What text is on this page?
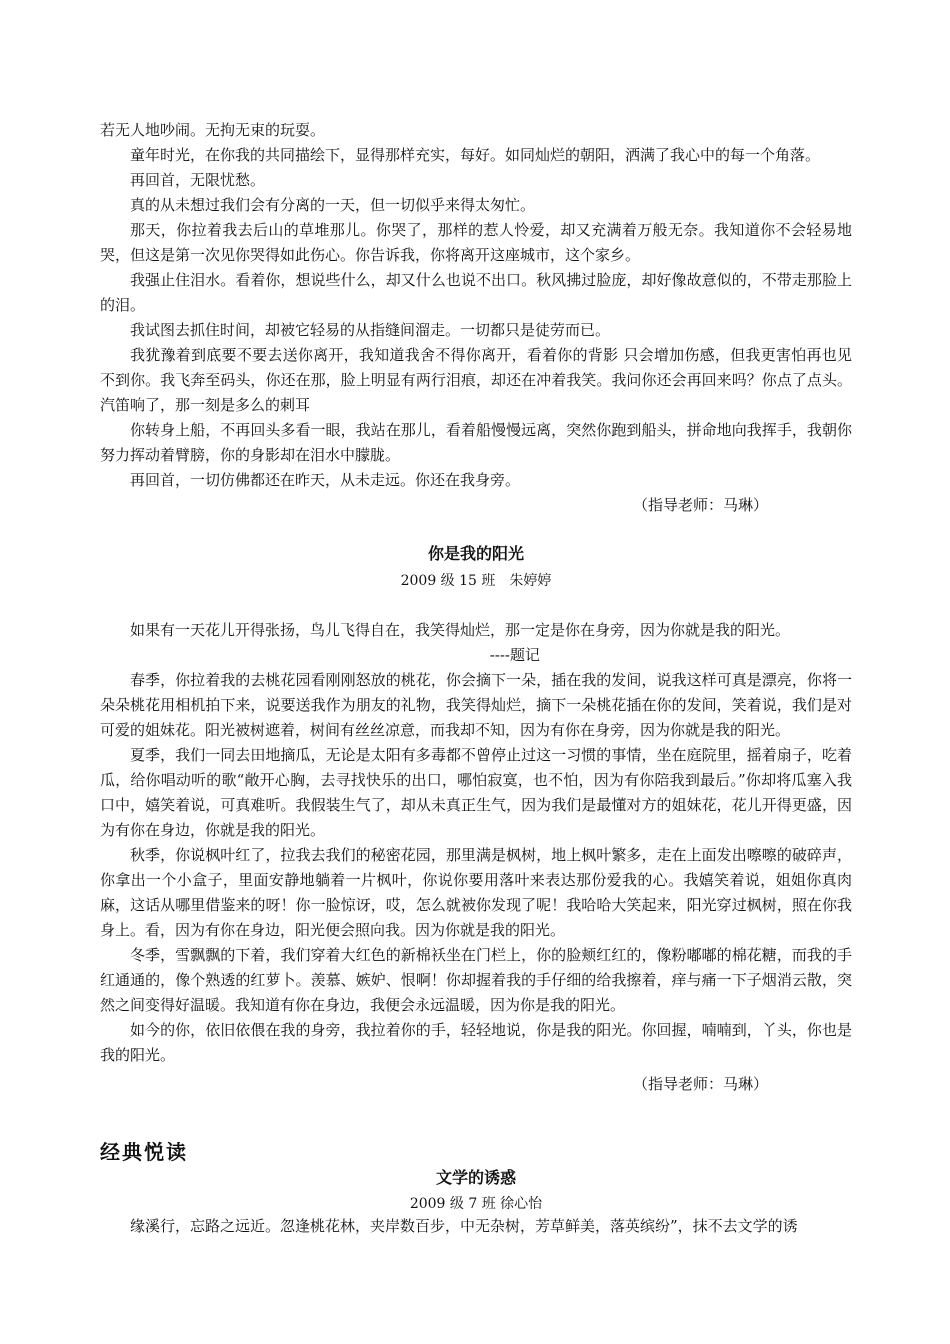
若无人地吵闹。无拘无束的玩耍。

童年时光，在你我的共同描绘下，显得那样充实，每好。如同灿烂的朝阳，洒满了我心中的每一个角落。

再回首，无限忧愁。

真的从未想过我们会有分离的一天，但一切似乎来得太匆忙。

那天，你拉着我去后山的草堆那儿。你哭了，那样的惹人怜爱，却又充满着万般无奈。我知道你不会轻易地哭，但这是第一次见你哭得如此伤心。你告诉我，你将离开这座城市，这个家乡。

我强止住泪水。看着你，想说些什么，却又什么也说不出口。秋风拂过脸庞，却好像故意似的，不带走那脸上的泪。

我试图去抓住时间，却被它轻易的从指缝间溜走。一切都只是徒劳而已。

我犹豫着到底要不要去送你离开，我知道我舍不得你离开，看着你的背影 只会增加伤感，但我更害怕再也见不到你。我飞奔至码头，你还在那，脸上明显有两行泪痕，却还在冲着我笑。我问你还会再回来吗？你点了点头。汽笛响了，那一刻是多么的刺耳

你转身上船，不再回头多看一眼，我站在那儿，看着船慢慢远离，突然你跑到船头，拼命地向我挥手，我朝你努力挥动着臂膀，你的身影却在泪水中朦胧。

再回首，一切仿佛都还在昨天，从未走远。你还在我身旁。

（指导老师：马琳）

你是我的阳光

2009 级 15 班　朱婷婷

如果有一天花儿开得张扬，鸟儿飞得自在，我笑得灿烂，那一定是你在身旁，因为你就是我的阳光。

----题记

春季，你拉着我的去桃花园看刚刚怒放的桃花，你会摘下一朵，插在我的发间，说我这样可真是漂亮，你将一朵朵桃花用相机拍下来，说要送我作为朋友的礼物，我笑得灿烂，摘下一朵桃花插在你的发间，笑着说，我们是对可爱的姐妹花。阳光被树遮着，树间有丝丝凉意，而我却不知，因为有你在身旁，因为你就是我的阳光。

夏季，我们一同去田地摘瓜，无论是太阳有多毒都不曾停止过这一习惯的事情，坐在庭院里，摇着扇子，吃着瓜，给你唱动听的歌“敞开心胸，去寻找快乐的出口，哪怕寂寞，也不怕，因为有你陪我到最后。”你却将瓜塞入我口中，嬉笑着说，可真难听。我假装生气了，却从未真正生气，因为我们是最懂对方的姐妹花，花儿开得更盛，因为有你在身边，你就是我的阳光。

秋季，你说枫叶红了，拉我去我们的秘密花园，那里满是枫树，地上枫叶繁多，走在上面发出嚓嚓的破碎声，你拿出一个小盒子，里面安静地躺着一片枫叶，你说你要用落叶来表达那份爱我的心。我嬉笑着说，姐姐你真肉麻，这话从哪里借鉴来的呀！你一脸惊讶，哎，怎么就被你发现了呢！我哈哈大笑起来，阳光穿过枫树，照在你我身上。看，因为有你在身边，阳光便会照向我。因为你就是我的阳光。

冬季，雪飘飘的下着，我们穿着大红色的新棉袄坐在门栏上，你的脸颊红红的，像粉嘟嘟的棉花糖，而我的手红通通的，像个熟透的红萝卜。羡慕、嫉妒、恨啊！你却握着我的手仔细的给我擦着，痒与痛一下子烟消云散，突然之间变得好温暖。我知道有你在身边，我便会永远温暖，因为你是我的阳光。

如今的你，依旧依偎在我的身旁，我拉着你的手，轻轻地说，你是我的阳光。你回握，喃喃到，丫头，你也是我的阳光。

（指导老师：马琳）

经典悦读
文学的诱惑

2009 级 7 班 徐心怡

缘溪行，忘路之远近。忽逢桃花林，夹岸数百步，中无杂树，芳草鲜美，落英缤纷”，抹不去文学的诱
